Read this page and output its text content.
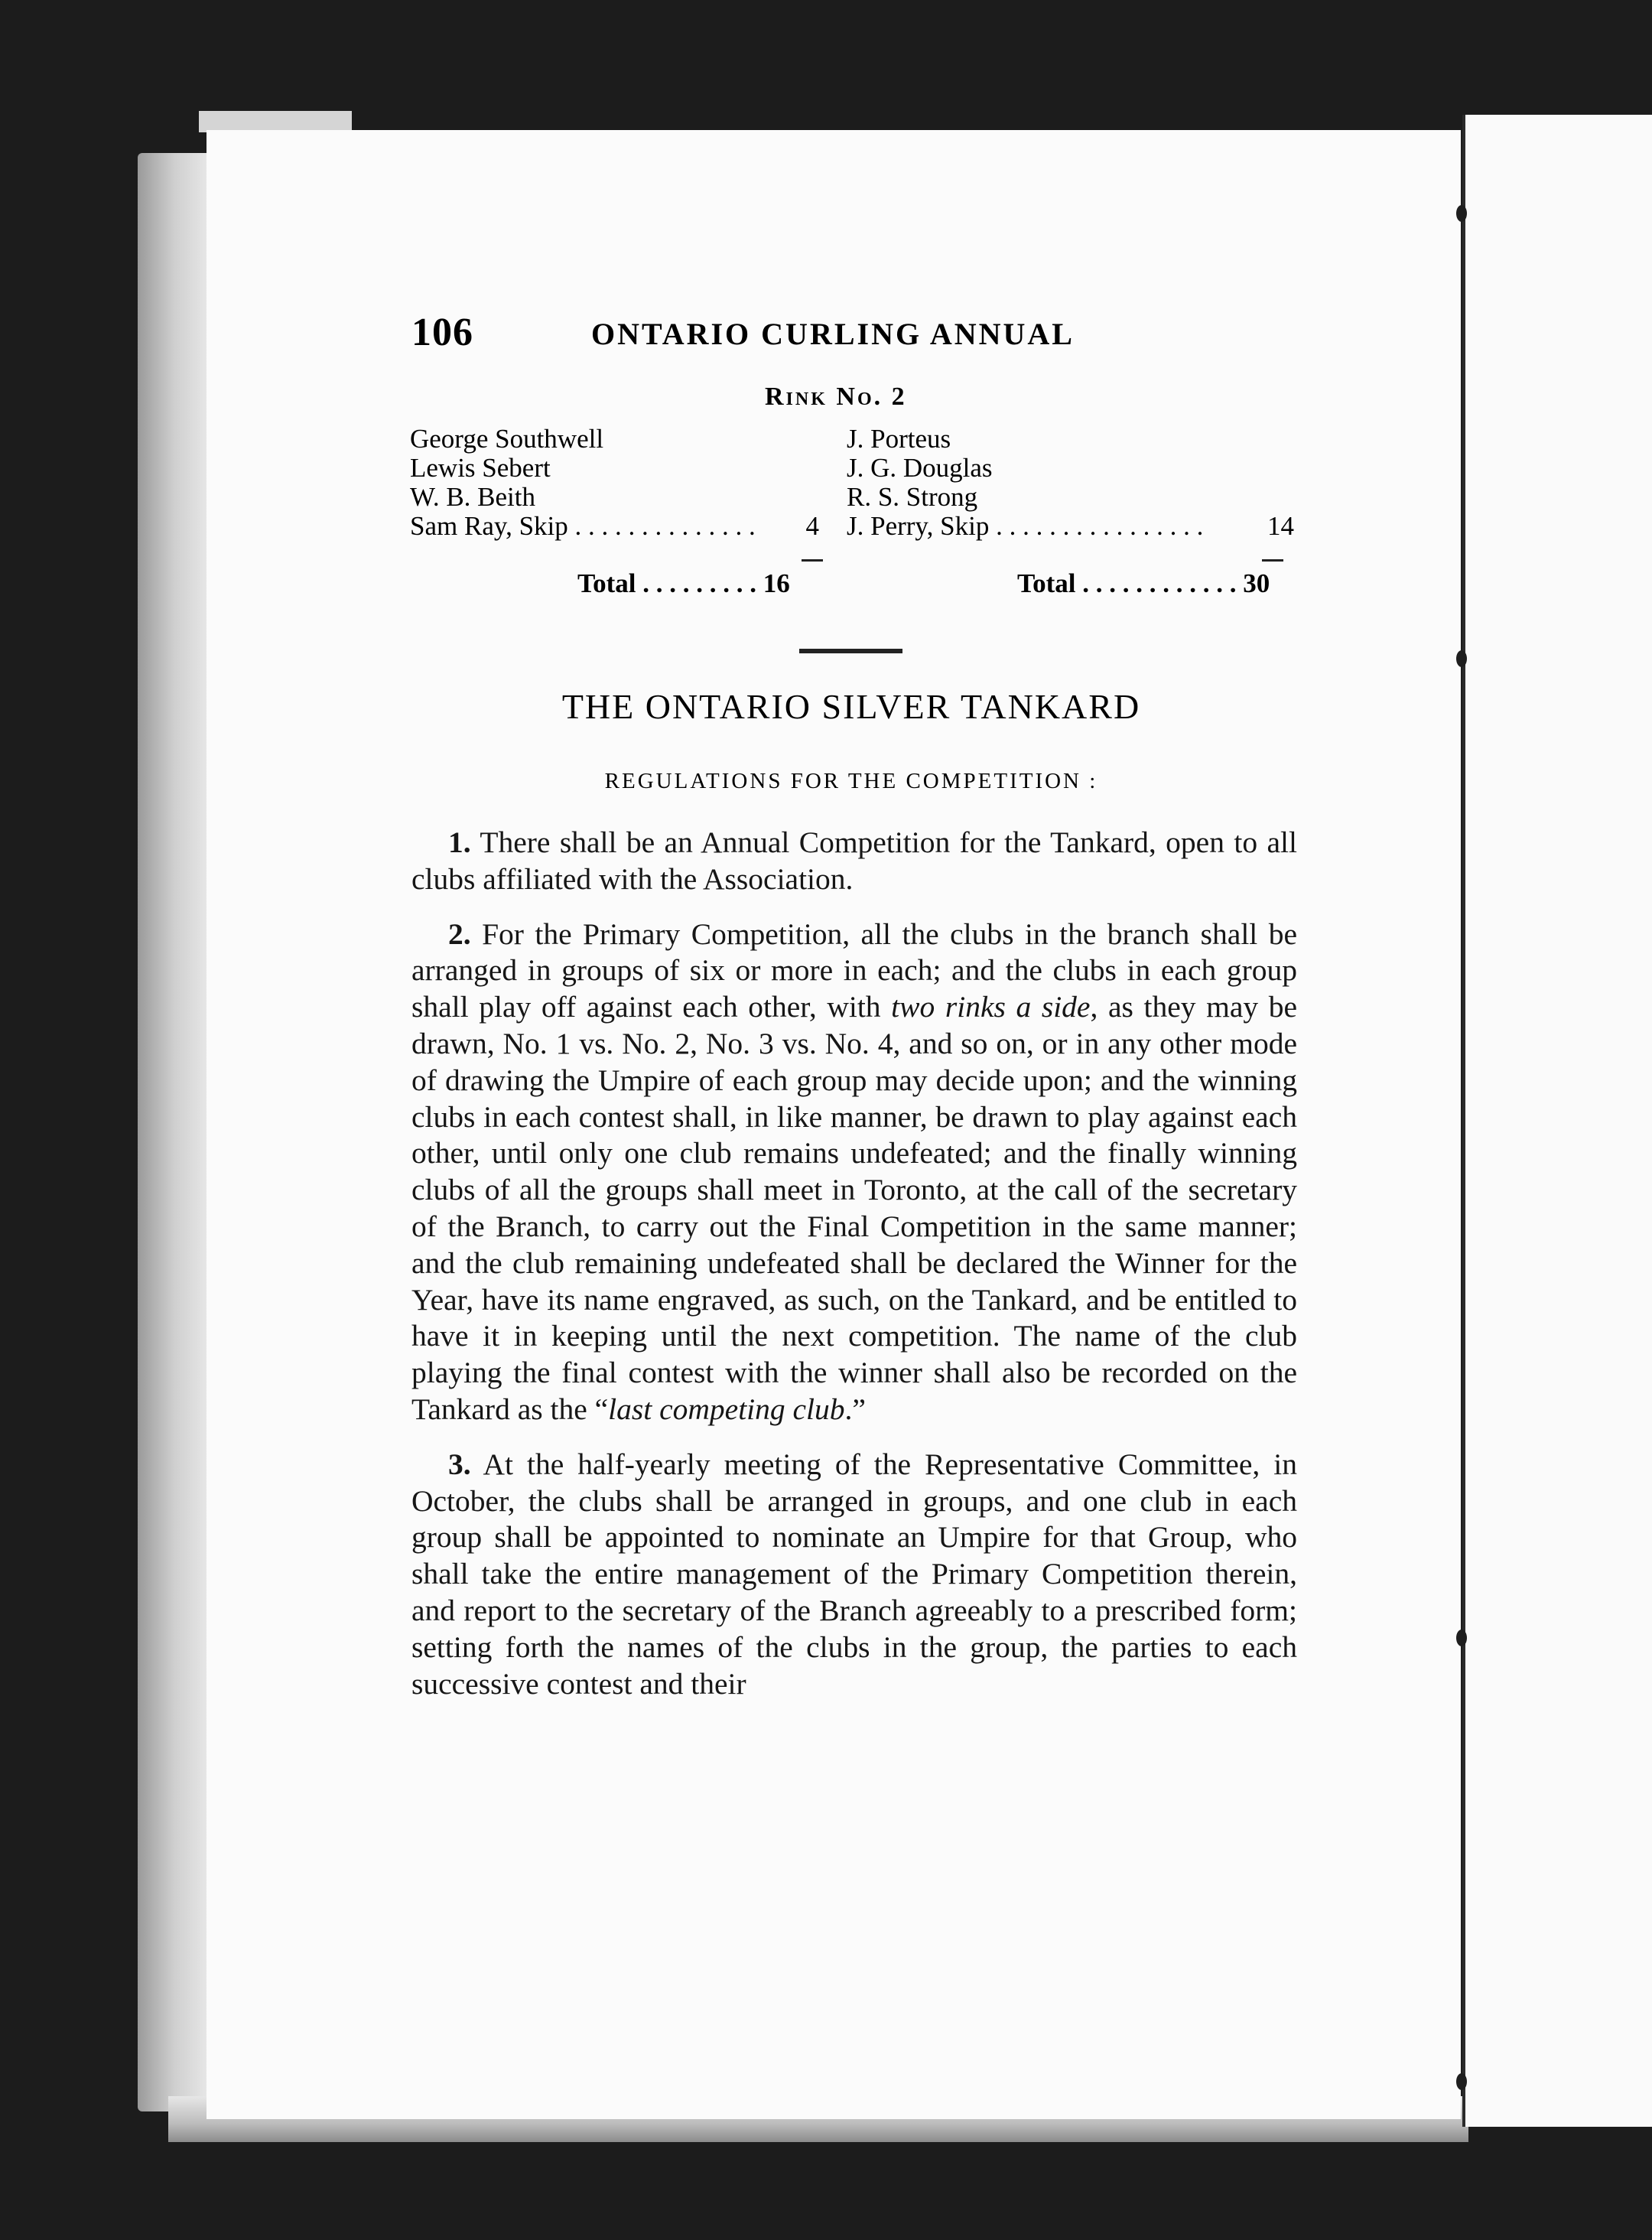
106	ONTARIO CURLING ANNUAL
Rink No. 2
George Southwell
Lewis Sebert
W. B. Beith
Sam Ray, Skip . . . . . . . . . . . . . . 4
Total . . . . . . . . . 16
J. Porteus
J. G. Douglas
R. S. Strong
J. Perry, Skip . . . . . . . . . . . . . . . . 14
Total . . . . . . . . . . . . 30
THE ONTARIO SILVER TANKARD
REGULATIONS FOR THE COMPETITION :

1. There shall be an Annual Competition for the Tankard, open to all clubs affiliated with the Association.

2. For the Primary Competition, all the clubs in the branch shall be arranged in groups of six or more in each; and the clubs in each group shall play off against each other, with two rinks a side, as they may be drawn, No. 1 vs. No. 2, No. 3 vs. No. 4, and so on, or in any other mode of drawing the Umpire of each group may decide upon; and the winning clubs in each contest shall, in like manner, be drawn to play against each other, until only one club remains undefeated; and the finally winning clubs of all the groups shall meet in Toronto, at the call of the secretary of the Branch, to carry out the Final Competition in the same manner; and the club remaining undefeated shall be declared the Winner for the Year, have its name engraved, as such, on the Tankard, and be entitled to have it in keeping until the next competition. The name of the club playing the final contest with the winner shall also be recorded on the Tankard as the “last competing club.”

3. At the half-yearly meeting of the Representative Committee, in October, the clubs shall be arranged in groups, and one club in each group shall be appointed to nominate an Umpire for that Group, who shall take the entire management of the Primary Competition therein, and report to the secretary of the Branch agreeably to a prescribed form; setting forth the names of the clubs in the group, the parties to each successive contest and their
